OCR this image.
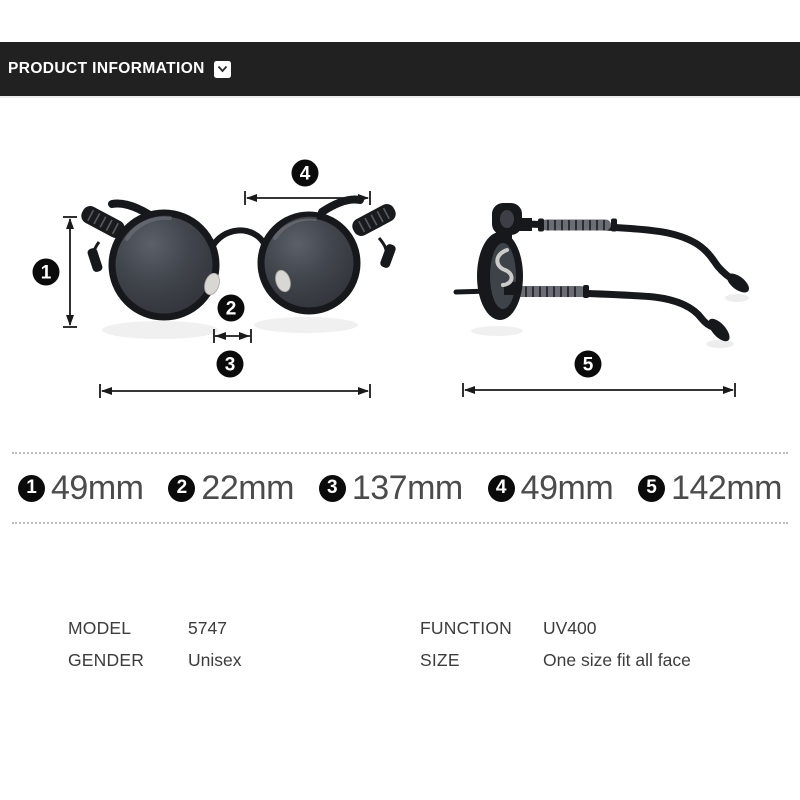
PRODUCT INFORMATION
1
4
2
3	5
1 49mm	2 22mm	3 137mm	4 49mm	5 142mm
MODEL	5747
GENDER	Unisex
FUNCTION	UV400
SIZE	One size fit all face
